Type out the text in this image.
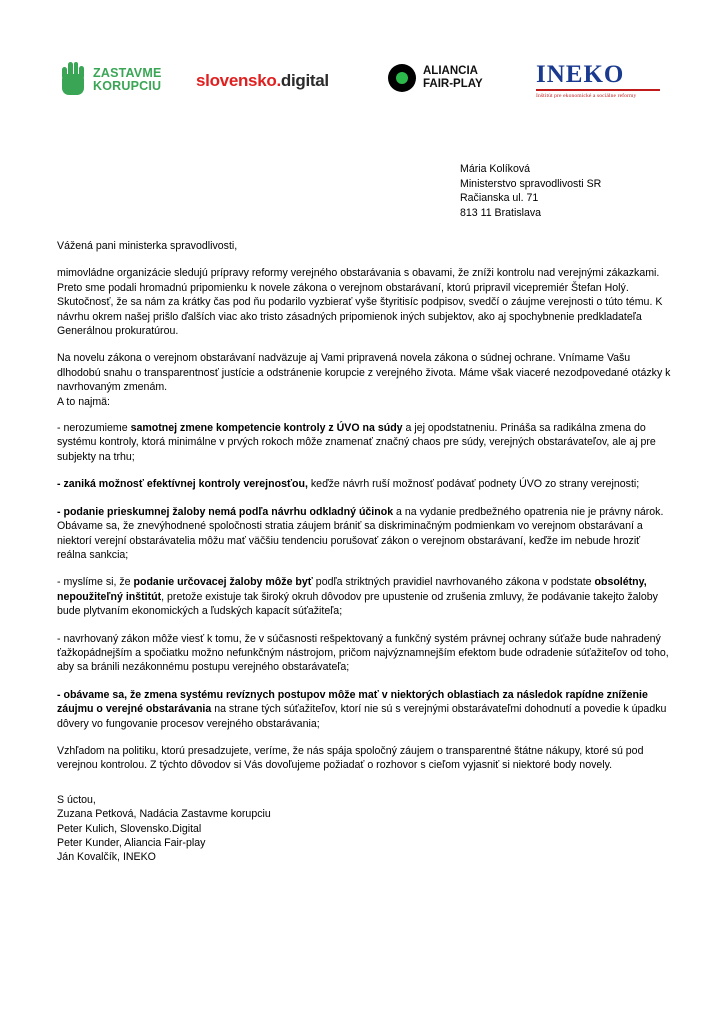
ZASTAVME
KORUPCIU slovensko. digital	ALIANCIA
FAIR-PLAY INEKO
Inštitút pre ekonomické a sociálne reformy
Mária Kolíková
Ministerstvo spravodlivosti SR
Račianska ul. 71
813 11 Bratislava

Vážená pani ministerka spravodlivosti,

mimovládne organizácie sledujú prípravy reformy verejného obstarávania s obavami, že zníži kontrolu nad verejnými zákazkami. Preto sme podali hromadnú pripomienku k novele zákona o verejnom obstarávaní, ktorú pripravil vicepremiér Štefan Holý. Skutočnosť, že sa nám za krátky čas pod ňu podarilo vyzbierať vyše štyritisíc podpisov, svedčí o záujme verejnosti o túto tému. K návrhu okrem našej prišlo ďalších viac ako tristo zásadných pripomienok iných subjektov, ako aj spochybnenie predkladateľa Generálnou prokuratúrou.

Na novelu zákona o verejnom obstarávaní nadväzuje aj Vami pripravená novela zákona o súdnej ochrane. Vnímame Vašu dlhodobú snahu o transparentnosť justície a odstránenie korupcie z verejného života. Máme však viaceré nezodpovedané otázky k navrhovaným zmenám.
A to najmä:

- nerozumieme samotnej zmene kompetencie kontroly z ÚVO na súdy a jej opodstatneniu. Prináša sa radikálna zmena do systému kontroly, ktorá minimálne v prvých rokoch môže znamenať značný chaos pre súdy, verejných obstarávateľov, ale aj pre subjekty na trhu;

- zaniká možnosť efektívnej kontroly verejnosťou, keďže návrh ruší možnosť podávať podnety ÚVO zo strany verejnosti;

- podanie prieskumnej žaloby nemá podľa návrhu odkladný účinok a na vydanie predbežného opatrenia nie je právny nárok. Obávame sa, že znevýhodnené spoločnosti stratia záujem brániť sa diskriminačným podmienkam vo verejnom obstarávaní a niektorí verejní obstarávatelia môžu mať väčšiu tendenciu porušovať zákon o verejnom obstarávaní, keďže im nebude hroziť reálna sankcia;

- myslíme si, že podanie určovacej žaloby môže byť podľa striktných pravidiel navrhovaného zákona v podstate obsolétny, nepoužiteľný inštitút, pretože existuje tak široký okruh dôvodov pre upustenie od zrušenia zmluvy, že podávanie takejto žaloby bude plytvaním ekonomických a ľudských kapacít súťažiteľa;

- navrhovaný zákon môže viesť k tomu, že v súčasnosti rešpektovaný a funkčný systém právnej ochrany súťaže bude nahradený ťažkopádnejším a spočiatku možno nefunkčným nástrojom, pričom najvýznamnejším efektom bude odradenie súťažiteľov od toho, aby sa bránili nezákonnému postupu verejného obstarávateľa;

- obávame sa, že zmena systému revíznych postupov môže mať v niektorých oblastiach za následok rapídne zníženie záujmu o verejné obstarávania na strane tých súťažiteľov, ktorí nie sú s verejnými obstarávateľmi dohodnutí a povedie k úpadku dôvery vo fungovanie procesov verejného obstarávania;

Vzhľadom na politiku, ktorú presadzujete, veríme, že nás spája spoločný záujem o transparentné štátne nákupy, ktoré sú pod verejnou kontrolou. Z týchto dôvodov si Vás dovoľujeme požiadať o rozhovor s cieľom vyjasniť si niektoré body novely.

S úctou,
Zuzana Petková, Nadácia Zastavme korupciu
Peter Kulich, Slovensko.Digital
Peter Kunder, Aliancia Fair-play
Ján Kovalčík, INEKO
